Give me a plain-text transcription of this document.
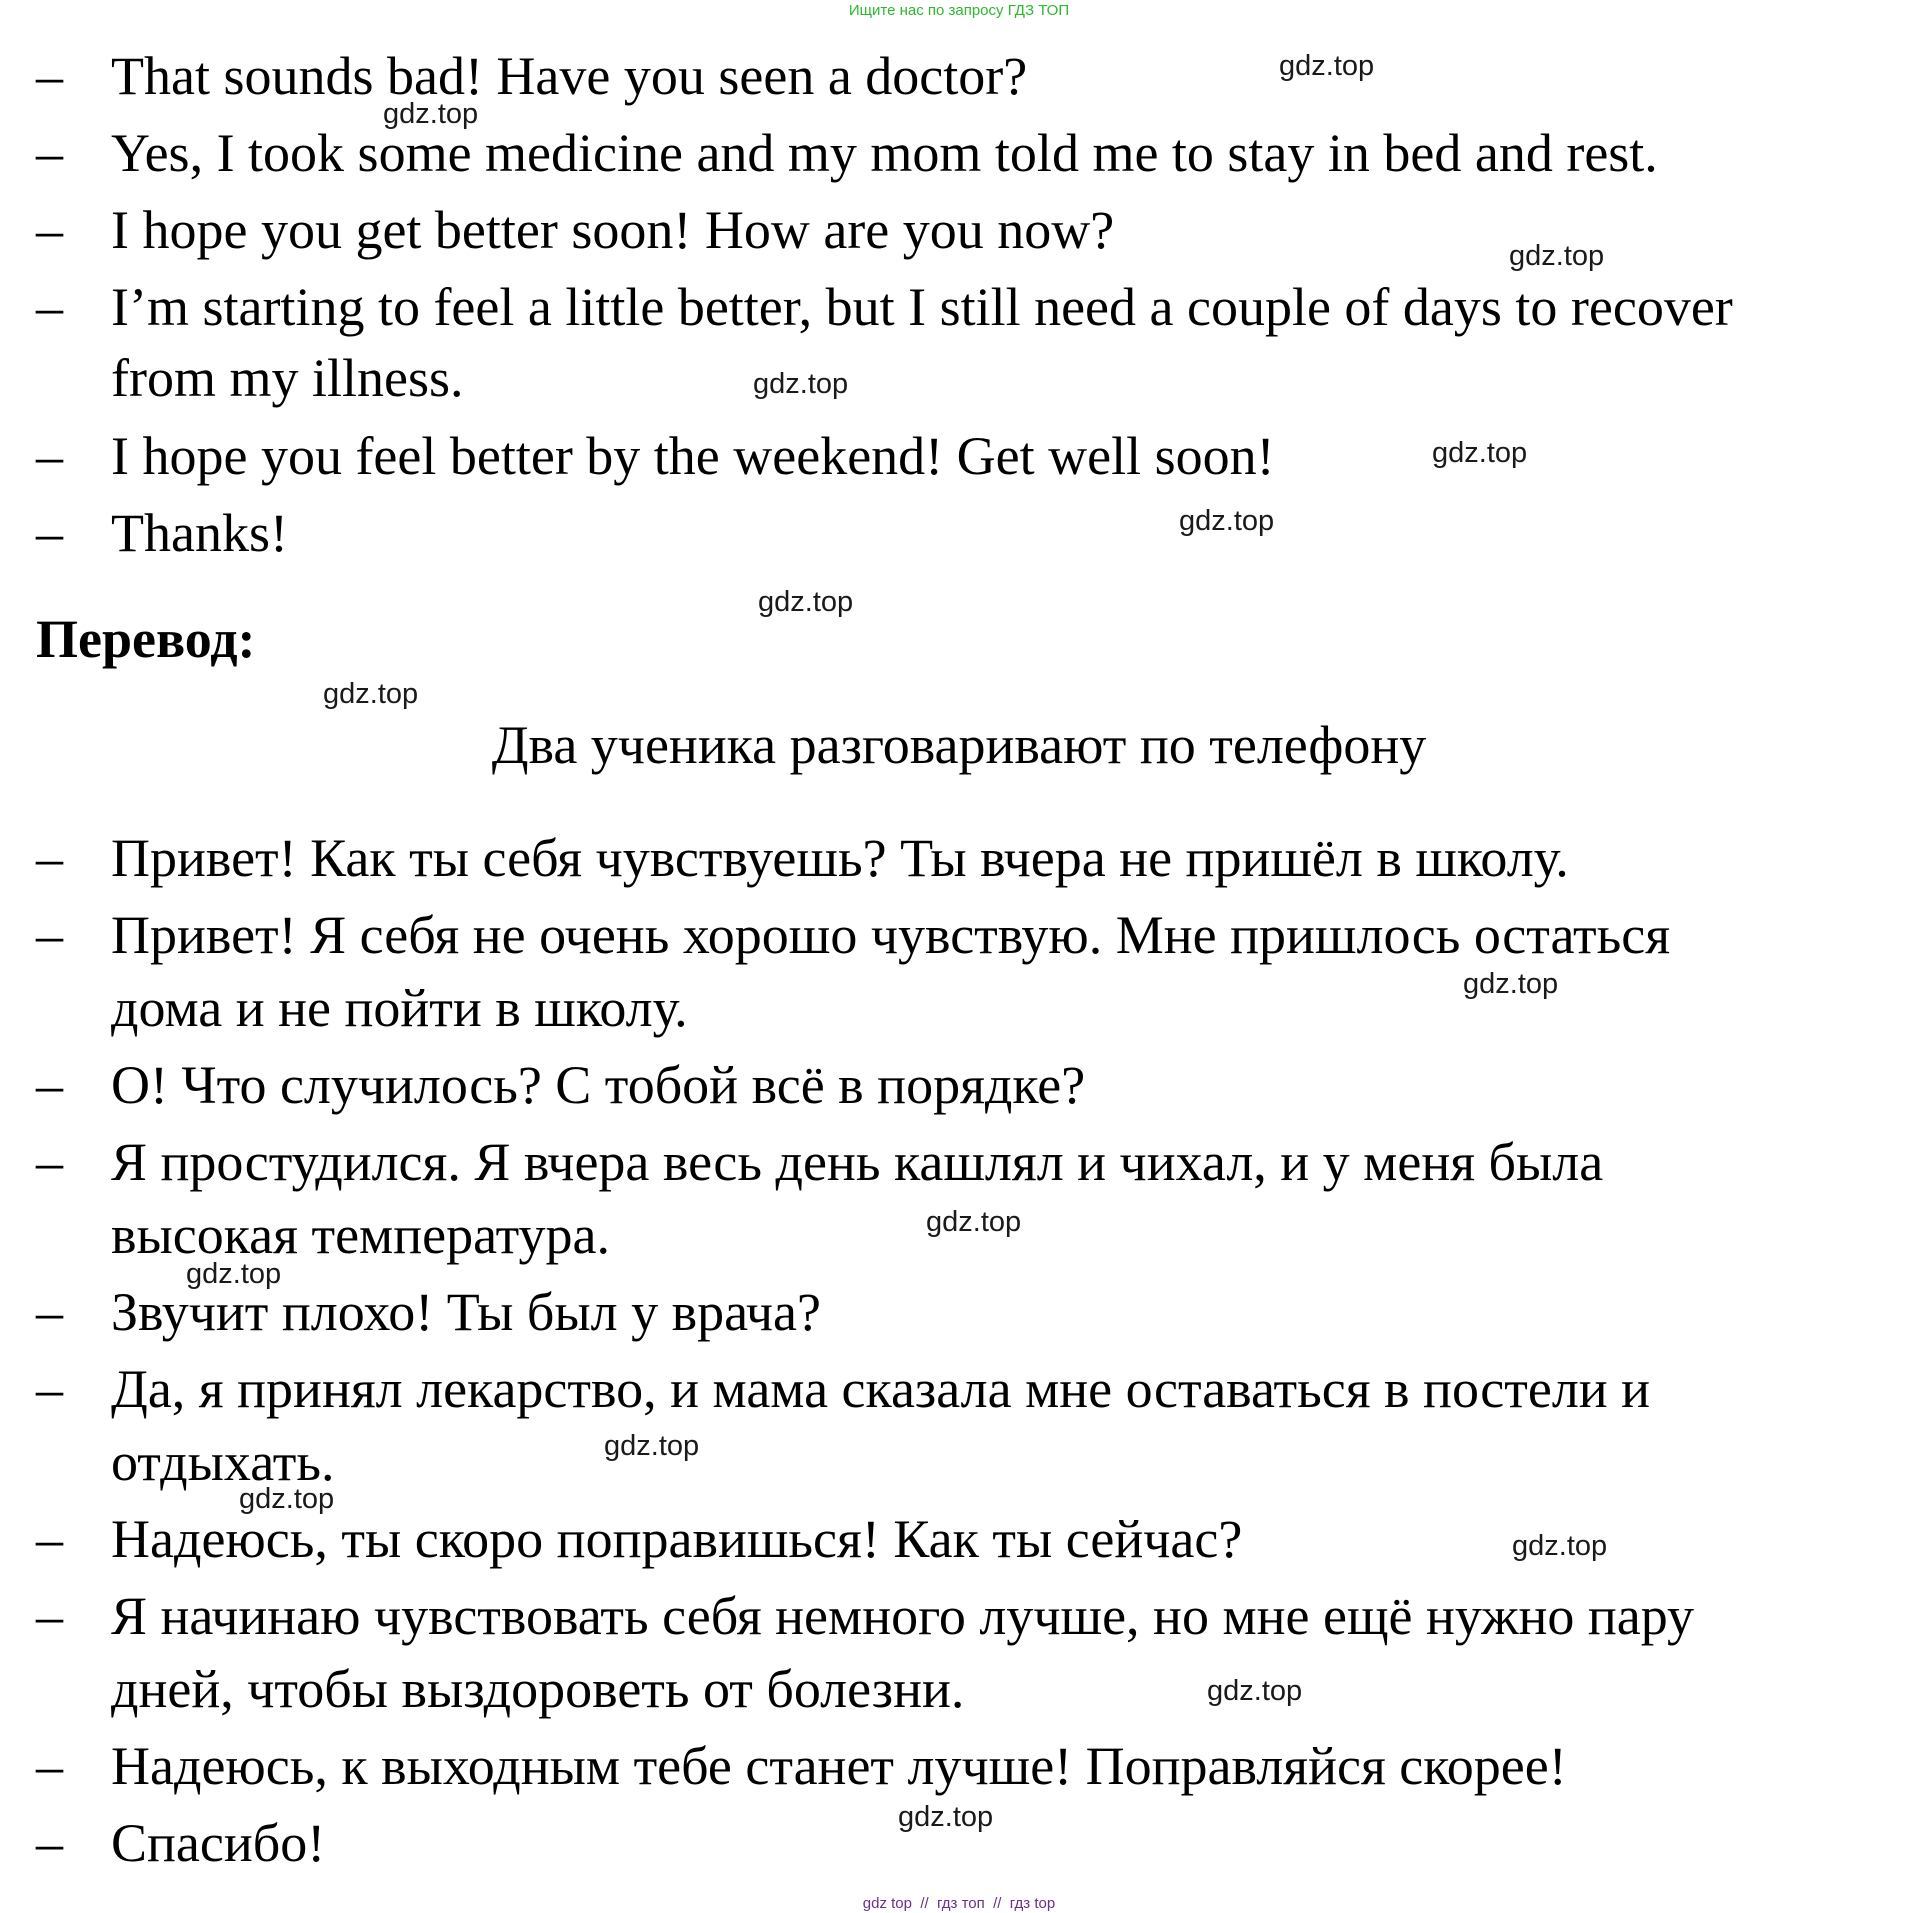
Ищите нас по запросу ГДЗ ТОП
– That sounds bad! Have you seen a doctor?
– Yes, I took some medicine and my mom told me to stay in bed and rest.
– I hope you get better soon! How are you now?
– I’m starting to feel a little better, but I still need a couple of days to recover
from my illness.
– I hope you feel better by the weekend! Get well soon!
– Thanks!
Перевод:
Два ученика разговаривают по телефону
– Привет! Как ты себя чувствуешь? Ты вчера не пришёл в школу.
– Привет! Я себя не очень хорошо чувствую. Мне пришлось остаться
дома и не пойти в школу.
– О! Что случилось? С тобой всё в порядке?
– Я простудился. Я вчера весь день кашлял и чихал, и у меня была
высокая температура.
– Звучит плохо! Ты был у врача?
– Да, я принял лекарство, и мама сказала мне оставаться в постели и
отдыхать.
– Надеюсь, ты скоро поправишься! Как ты сейчас?
– Я начинаю чувствовать себя немного лучше, но мне ещё нужно пару
дней, чтобы выздороветь от болезни.
– Надеюсь, к выходным тебе станет лучше! Поправляйся скорее!
– Спасибо!
gdz.top
gdz.top
gdz.top
gdz.top
gdz.top
gdz.top
gdz.top
gdz.top
gdz.top
gdz.top
gdz.top
gdz.top
gdz.top
gdz.top
gdz.top
gdz.top
gdz top  //  гдз топ  //  гдз top
